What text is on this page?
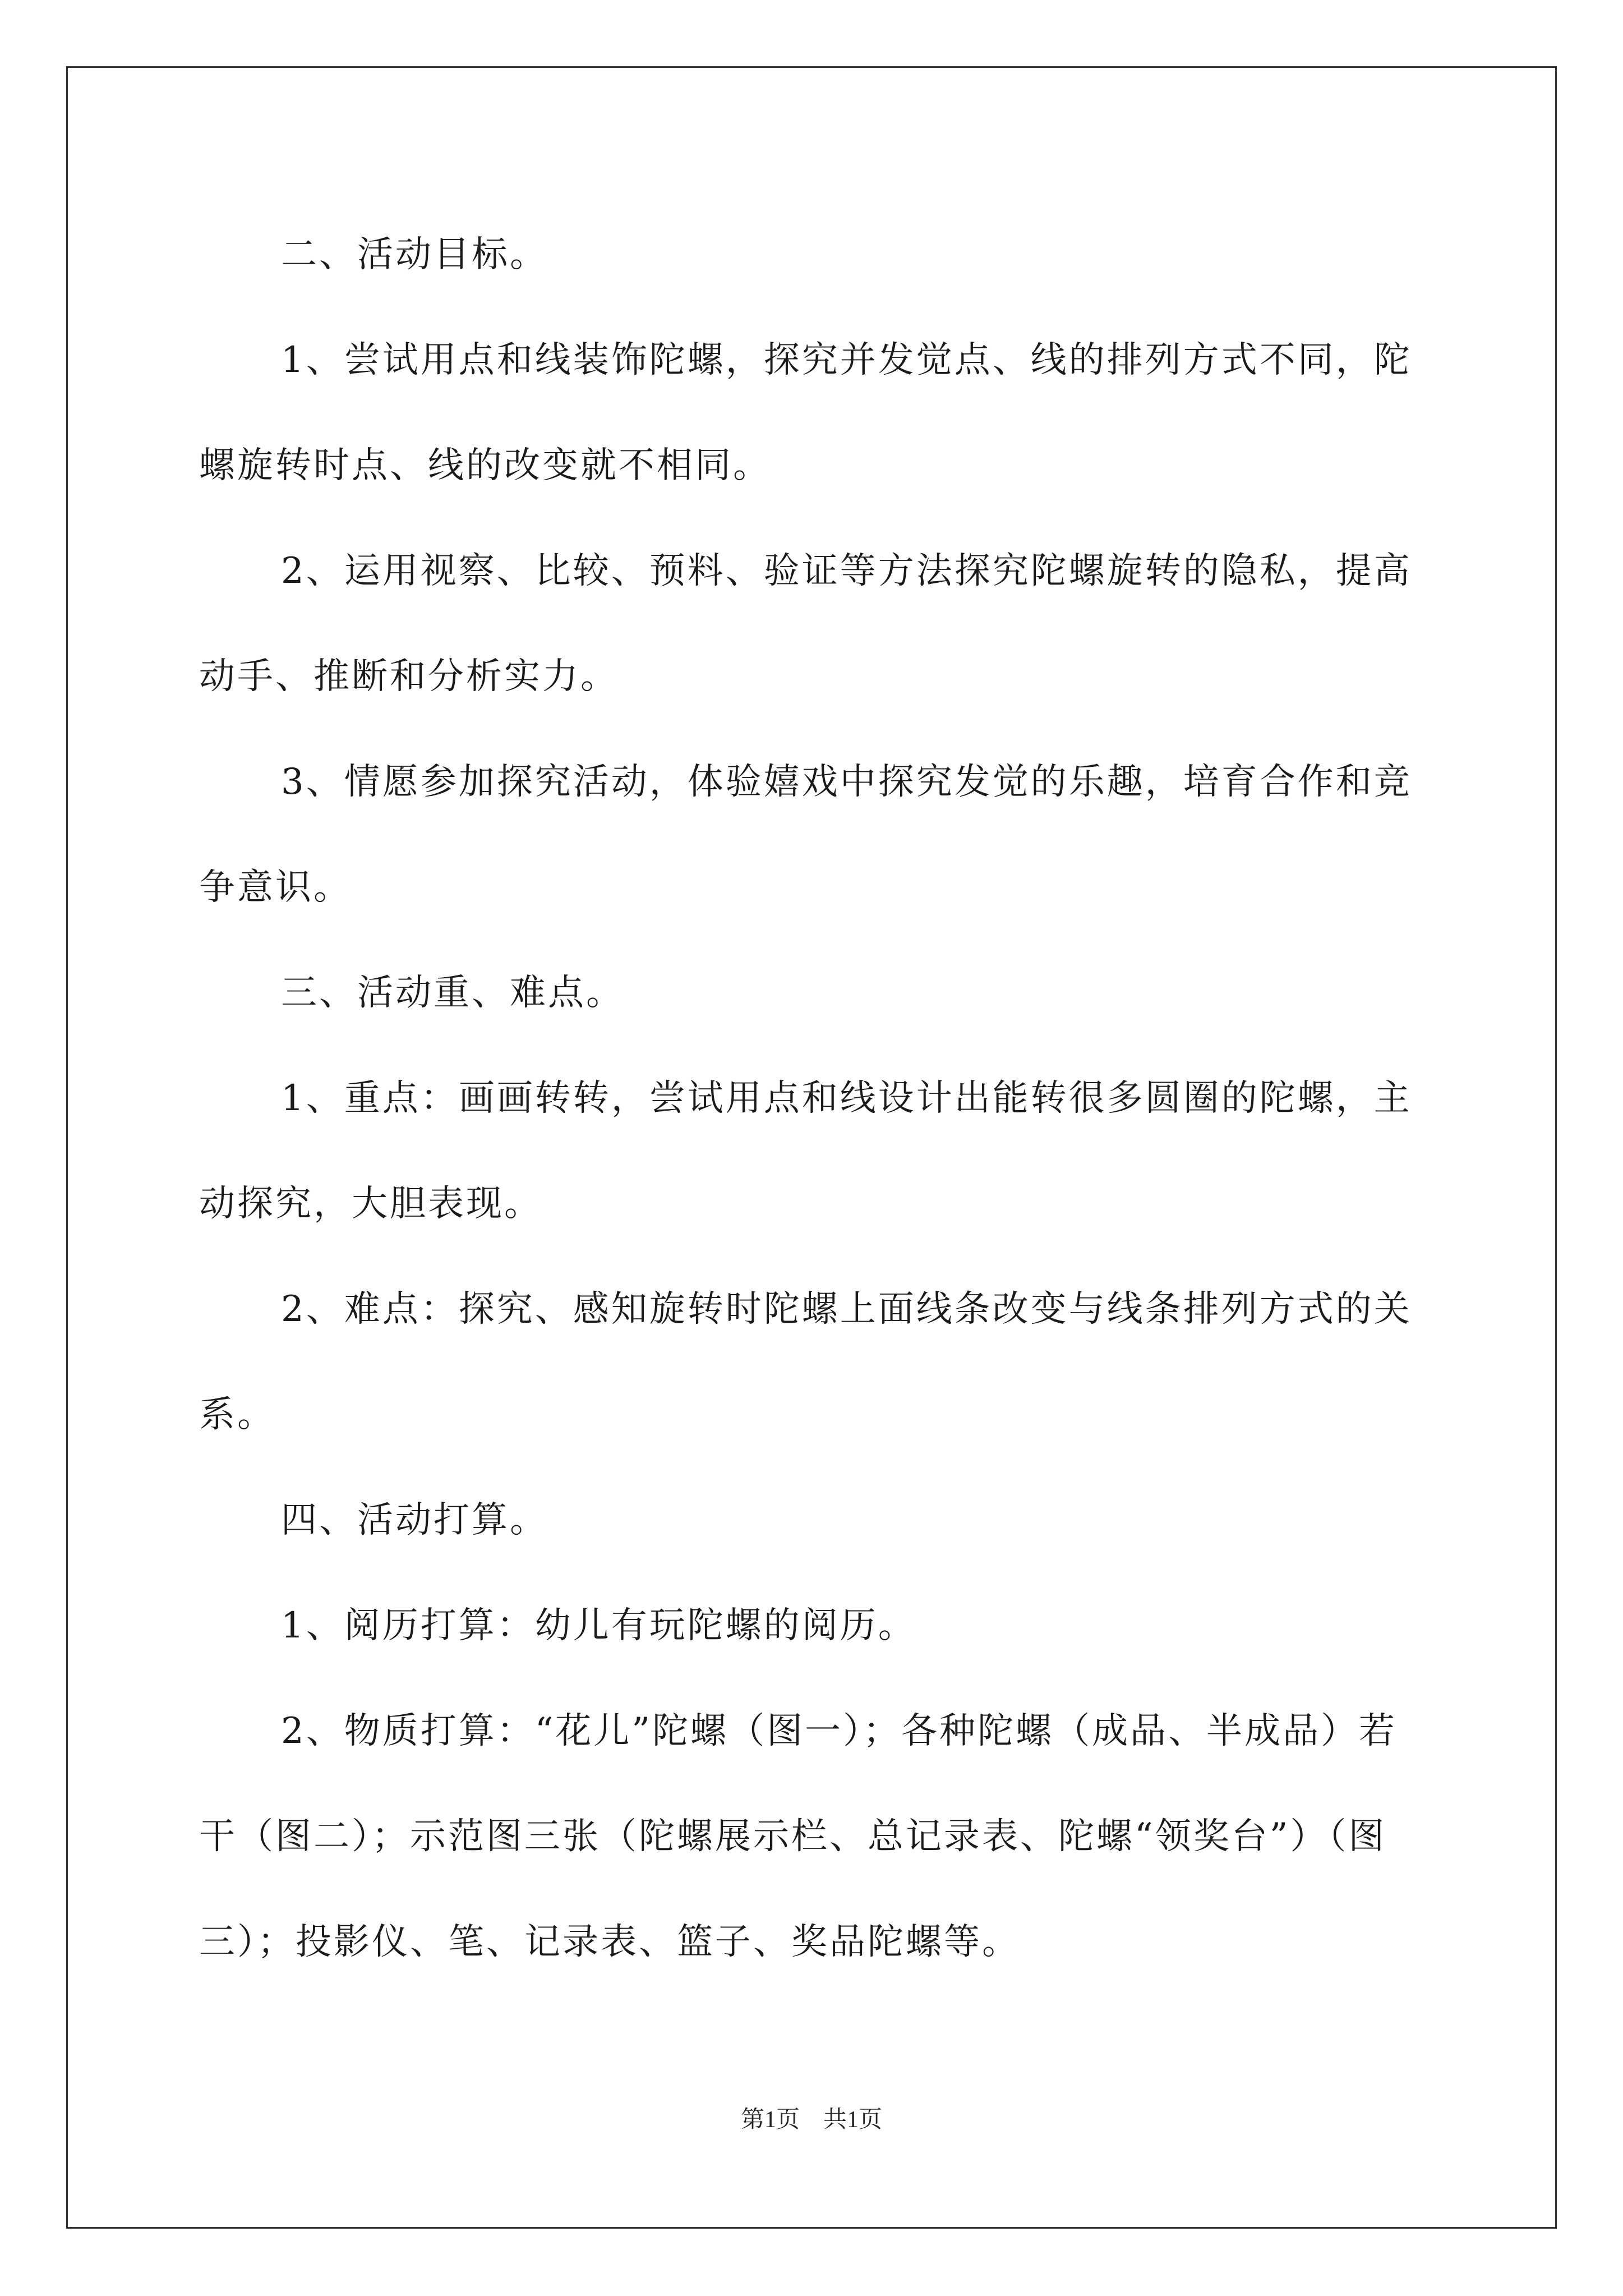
二、活动目标。

1、尝试用点和线装饰陀螺，探究并发觉点、线的排列方式不同，陀螺旋转时点、线的改变就不相同。

2、运用视察、比较、预料、验证等方法探究陀螺旋转的隐私，提高动手、推断和分析实力。

3、情愿参加探究活动，体验嬉戏中探究发觉的乐趣，培育合作和竞争意识。

三、活动重、难点。

1、重点：画画转转，尝试用点和线设计出能转很多圆圈的陀螺，主动探究，大胆表现。

2、难点：探究、感知旋转时陀螺上面线条改变与线条排列方式的关系。

四、活动打算。

1、阅历打算：幼儿有玩陀螺的阅历。

2、物质打算：“花儿”陀螺（图一）；各种陀螺（成品、半成品）若干（图二）；示范图三张（陀螺展示栏、总记录表、陀螺“领奖台”）（图三）；投影仪、笔、记录表、篮子、奖品陀螺等。

第1页　共1页
